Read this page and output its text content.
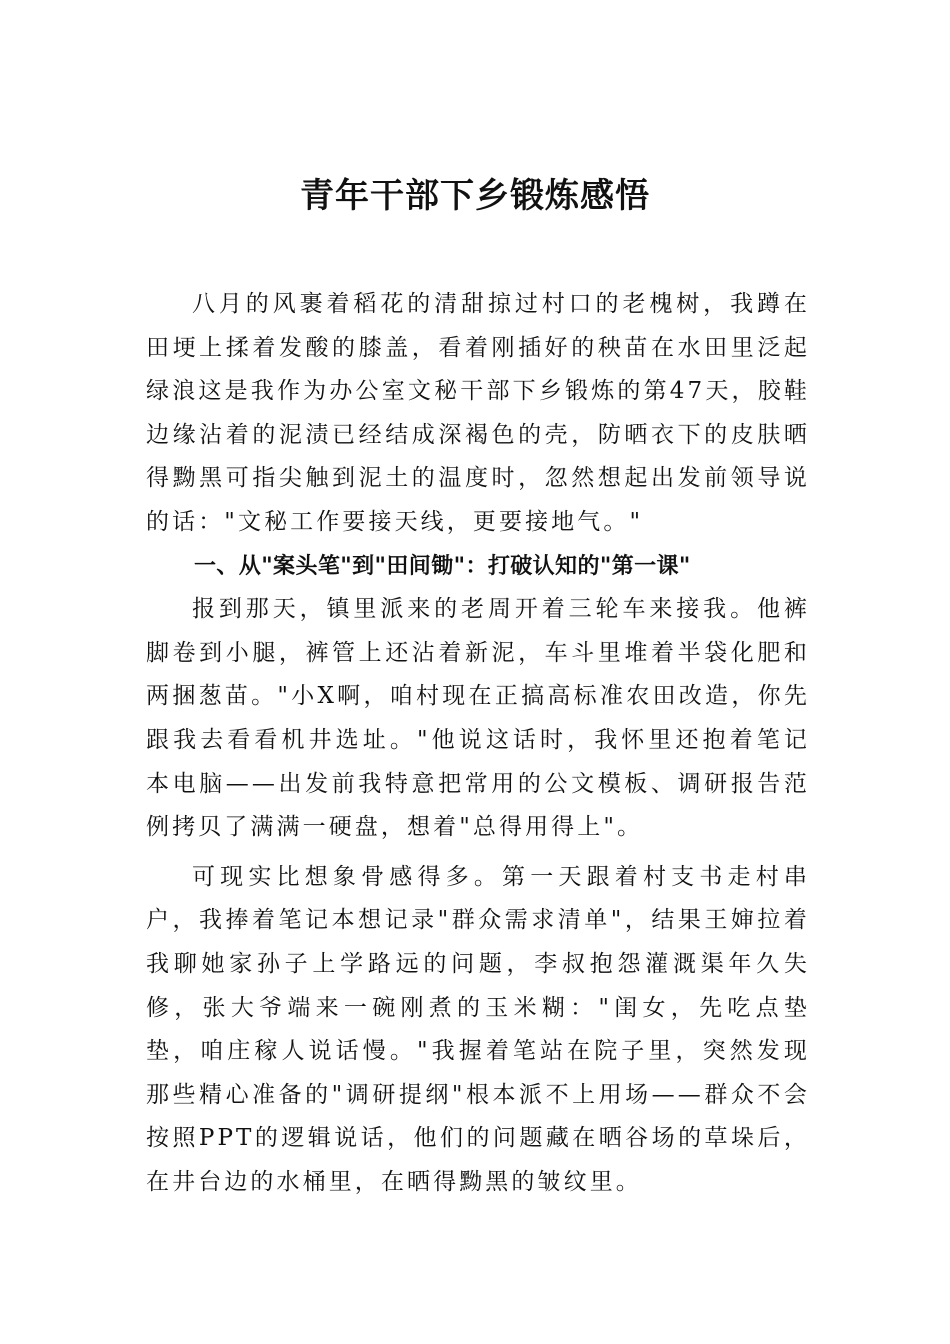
青年干部下乡锻炼感悟

八月的风裹着稻花的清甜掠过村口的老槐树，我蹲在田埂上揉着发酸的膝盖，看着刚插好的秧苗在水田里泛起绿浪这是我作为办公室文秘干部下乡锻炼的第47天，胶鞋边缘沾着的泥渍已经结成深褐色的壳，防晒衣下的皮肤晒得黝黑可指尖触到泥土的温度时，忽然想起出发前领导说的话："文秘工作要接天线，更要接地气。"

一、从"案头笔"到"田间锄"：打破认知的"第一课"

报到那天，镇里派来的老周开着三轮车来接我。他裤脚卷到小腿，裤管上还沾着新泥，车斗里堆着半袋化肥和两捆葱苗。"小X啊，咱村现在正搞高标准农田改造，你先跟我去看看机井选址。"他说这话时，我怀里还抱着笔记本电脑——出发前我特意把常用的公文模板、调研报告范例拷贝了满满一硬盘，想着"总得用得上"。

可现实比想象骨感得多。第一天跟着村支书走村串户，我捧着笔记本想记录"群众需求清单"，结果王婶拉着我聊她家孙子上学路远的问题，李叔抱怨灌溉渠年久失修，张大爷端来一碗刚煮的玉米糊："闺女，先吃点垫垫，咱庄稼人说话慢。"我握着笔站在院子里，突然发现那些精心准备的"调研提纲"根本派不上用场——群众不会按照PPT的逻辑说话，他们的问题藏在晒谷场的草垛后，在井台边的水桶里，在晒得黝黑的皱纹里。
